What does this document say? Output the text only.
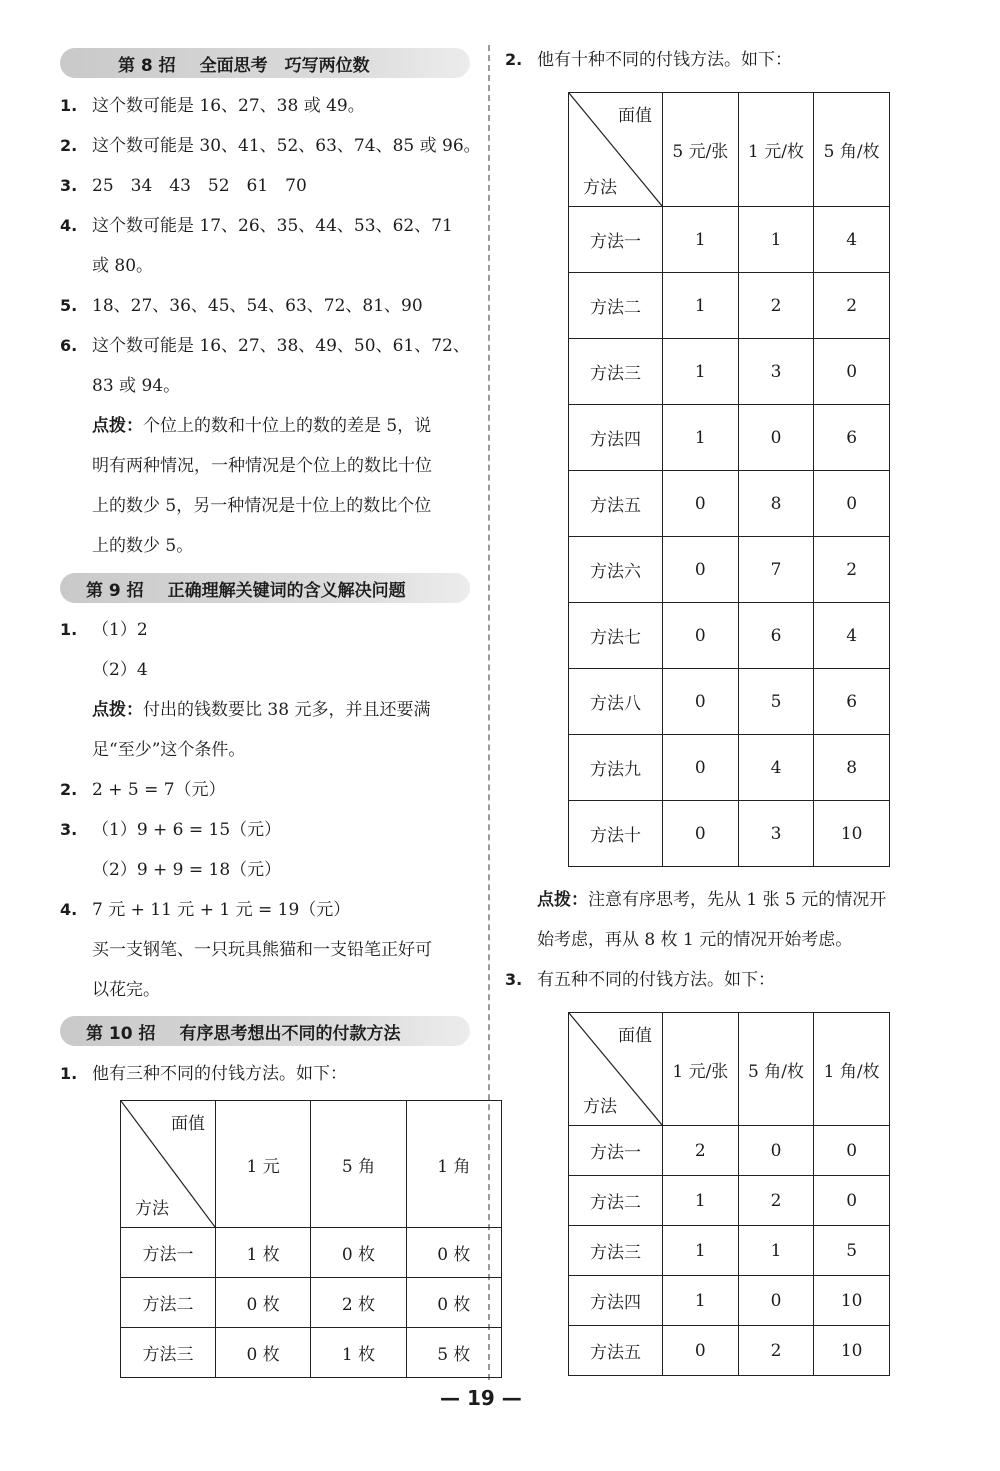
第 8 招 全面思考　巧写两位数
1. 这个数可能是 16、27、38 或 49。
2. 这个数可能是 30、41、52、63、74、85 或 96。
3. 25　34　43　52　61　70
4. 这个数可能是 17、26、35、44、53、62、71
或 80。
5. 18、27、36、45、54、63、72、81、90
6. 这个数可能是 16、27、38、49、50、61、72、
83 或 94。
点拨：个位上的数和十位上的数的差是 5，说
明有两种情况，一种情况是个位上的数比十位
上的数少 5，另一种情况是十位上的数比个位
上的数少 5。
第 9 招 正确理解关键词的含义解决问题
1. （1）2
（2）4
点拨：付出的钱数要比 38 元多，并且还要满
足“至少”这个条件。
2. 2 + 5 = 7（元）
3. （1）9 + 6 = 15（元）
（2）9 + 9 = 18（元）
4. 7 元 + 11 元 + 1 元 = 19（元）
买一支钢笔、一只玩具熊猫和一支铅笔正好可
以花完。
第 10 招 有序思考想出不同的付款方法
1. 他有三种不同的付钱方法。如下：
面值
方法	1 元	5 角	1 角
方法一	1 枚	0 枚	0 枚
方法二	0 枚	2 枚	0 枚
方法三	0 枚	1 枚	5 枚
2. 他有十种不同的付钱方法。如下：
面值
方法	5 元/张	1 元/枚	5 角/枚
方法一	1	1	4
方法二	1	2	2
方法三	1	3	0
方法四	1	0	6
方法五	0	8	0
方法六	0	7	2
方法七	0	6	4
方法八	0	5	6
方法九	0	4	8
方法十	0	3	10
点拨：注意有序思考，先从 1 张 5 元的情况开
始考虑，再从 8 枚 1 元的情况开始考虑。
3. 有五种不同的付钱方法。如下：
面值
方法	1 元/张	5 角/枚	1 角/枚
方法一	2	0	0
方法二	1	2	0
方法三	1	1	5
方法四	1	0	10
方法五	0	2	10
— 19 —
